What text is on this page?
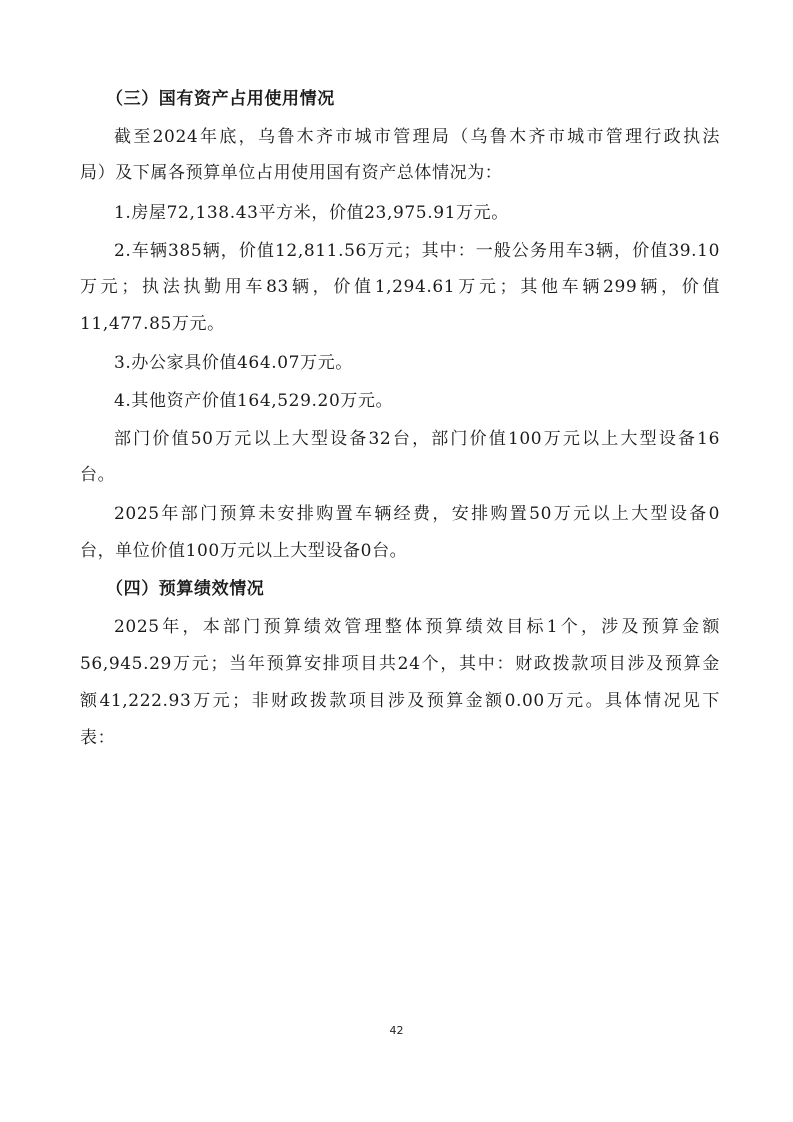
（三）国有资产占用使用情况
截至2024年底，乌鲁木齐市城市管理局（乌鲁木齐市城市管理行政执法
局）及下属各预算单位占用使用国有资产总体情况为：
1.房屋72,138.43平方米，价值23,975.91万元。
2.车辆385辆，价值12,811.56万元；其中：一般公务用车3辆，价值39.10
万元；执法执勤用车83辆，价值1,294.61万元；其他车辆299辆，价值
11,477.85万元。
3.办公家具价值464.07万元。
4.其他资产价值164,529.20万元。
部门价值50万元以上大型设备32台，部门价值100万元以上大型设备16
台。
2025年部门预算未安排购置车辆经费，安排购置50万元以上大型设备0
台，单位价值100万元以上大型设备0台。
（四）预算绩效情况
2025年，本部门预算绩效管理整体预算绩效目标1个，涉及预算金额
56,945.29万元；当年预算安排项目共24个，其中：财政拨款项目涉及预算金
额41,222.93万元；非财政拨款项目涉及预算金额0.00万元。具体情况见下
表：
42
